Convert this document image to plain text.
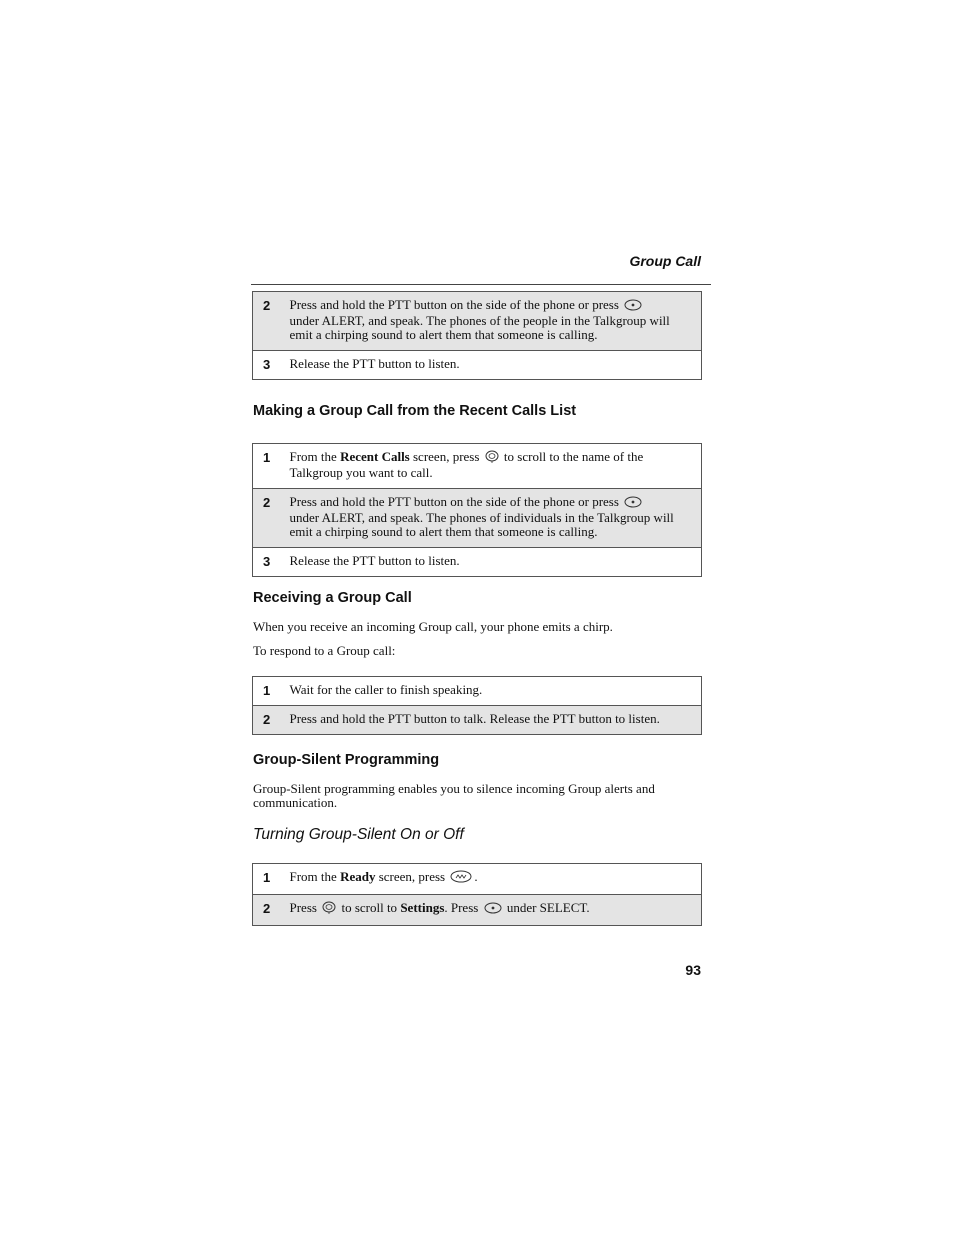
Group Call
2	Press and hold the PTT button on the side of the phone or press
under ALERT, and speak. The phones of the people in the Talkgroup will emit a chirping sound to alert them that someone is calling.
3	Release the PTT button to listen.
Making a Group Call from the Recent Calls List
1	From the Recent Calls screen, press to scroll to the name of the Talkgroup you want to call.
2	Press and hold the PTT button on the side of the phone or press
under ALERT, and speak. The phones of individuals in the Talkgroup will emit a chirping sound to alert them that someone is calling.
3	Release the PTT button to listen.
Receiving a Group Call
When you receive an incoming Group call, your phone emits a chirp.
To respond to a Group call:
1	Wait for the caller to finish speaking.
2	Press and hold the PTT button to talk. Release the PTT button to listen.
Group-Silent Programming
Group-Silent programming enables you to silence incoming Group alerts and communication.
Turning Group-Silent On or Off
1	From the Ready screen, press .
2	Press to scroll to Settings. Press under SELECT.
93
